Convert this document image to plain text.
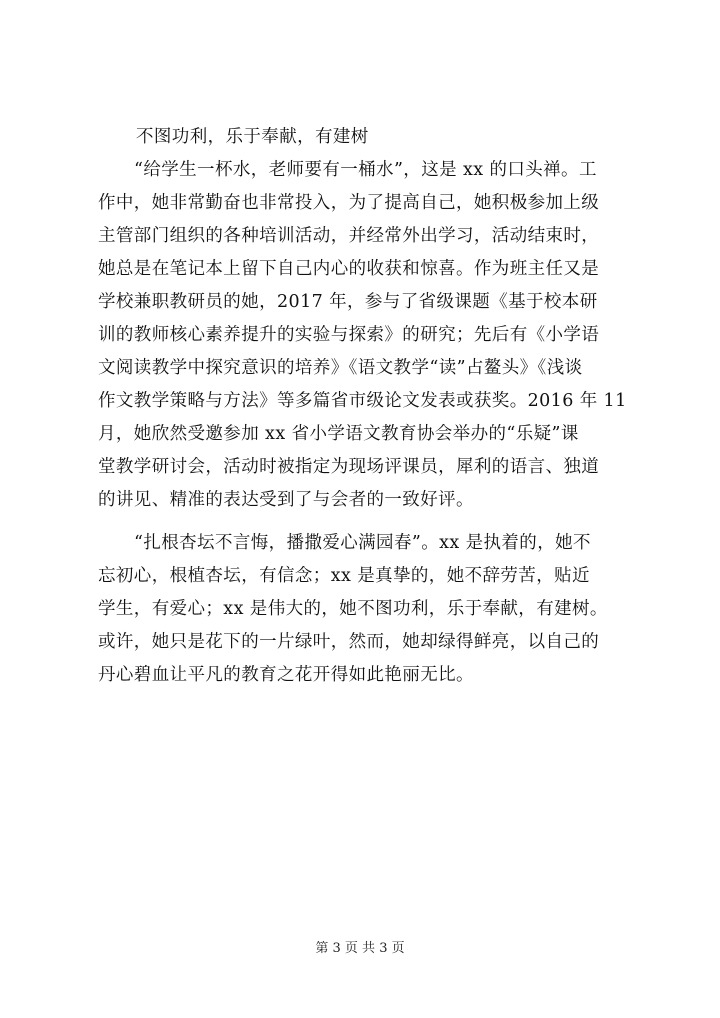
不图功利，乐于奉献，有建树
“给学生一杯水，老师要有一桶水”，这是 xx 的口头禅。工
作中，她非常勤奋也非常投入，为了提高自己，她积极参加上级
主管部门组织的各种培训活动，并经常外出学习，活动结束时，
她总是在笔记本上留下自己内心的收获和惊喜。作为班主任又是
学校兼职教研员的她，2017 年，参与了省级课题《基于校本研
训的教师核心素养提升的实验与探索》的研究；先后有《小学语
文阅读教学中探究意识的培养》《语文教学“读”占鳌头》《浅谈
作文教学策略与方法》等多篇省市级论文发表或获奖。2016 年 11
月，她欣然受邀参加 xx 省小学语文教育协会举办的“乐疑”课
堂教学研讨会，活动时被指定为现场评课员，犀利的语言、独道
的讲见、精准的表达受到了与会者的一致好评。
“扎根杏坛不言悔，播撒爱心满园春”。xx 是执着的，她不
忘初心，根植杏坛，有信念；xx 是真挚的，她不辞劳苦，贴近
学生，有爱心；xx 是伟大的，她不图功利，乐于奉献，有建树。
或许，她只是花下的一片绿叶，然而，她却绿得鲜亮，以自己的
丹心碧血让平凡的教育之花开得如此艳丽无比。
第 3 页 共 3 页
